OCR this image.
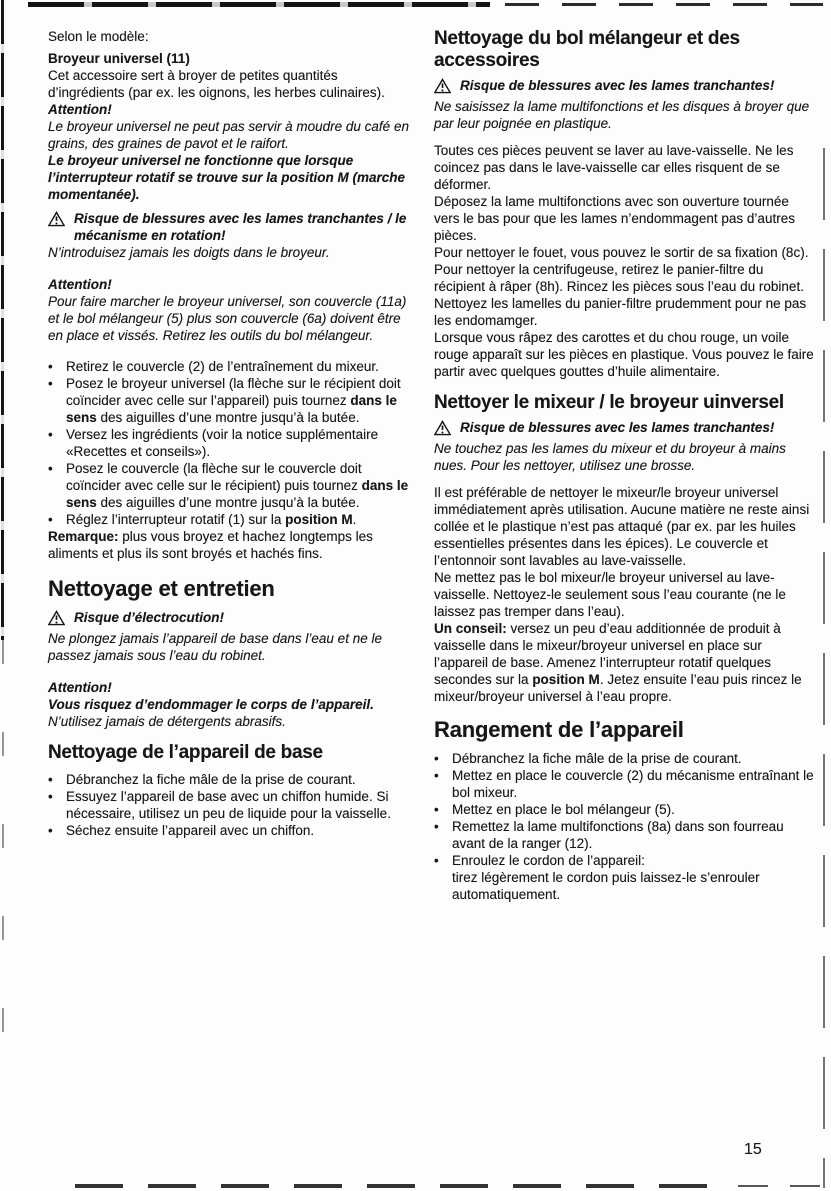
Selon le modèle:
Broyeur universel (11)
Cet accessoire sert à broyer de petites quantités d’ingrédients (par ex. les oignons, les herbes culinaires).
Attention!
Le broyeur universel ne peut pas servir à moudre du café en grains, des graines de pavot et le raifort.
Le broyeur universel ne fonctionne que lorsque l’interrupteur rotatif se trouve sur la position M (marche momentanée).
Risque de blessures avec les lames tranchantes / le mécanisme en rotation!
N’introduisez jamais les doigts dans le broyeur.
Attention!
Pour faire marcher le broyeur universel, son couvercle (11a) et le bol mélangeur (5) plus son couvercle (6a) doivent être en place et vissés. Retirez les outils du bol mélangeur.
• Retirez le couvercle (2) de l’entraînement du mixeur.
• Posez le broyeur universel (la flèche sur le récipient doit coïncider avec celle sur l’appareil) puis tournez dans le sens des aiguilles d’une montre jusqu’à la butée.
• Versez les ingrédients (voir la notice supplémentaire «Recettes et conseils»).
• Posez le couvercle (la flèche sur le couvercle doit coïncider avec celle sur le récipient) puis tournez dans le sens des aiguilles d’une montre jusqu’à la butée.
• Réglez l’interrupteur rotatif (1) sur la position M.
Remarque: plus vous broyez et hachez longtemps les aliments et plus ils sont broyés et hachés fins.
Nettoyage et entretien
Risque d’électrocution!
Ne plongez jamais l’appareil de base dans l’eau et ne le passez jamais sous l’eau du robinet.
Attention!
Vous risquez d’endommager le corps de l’appareil.
N’utilisez jamais de détergents abrasifs.
Nettoyage de l’appareil de base
• Débranchez la fiche mâle de la prise de courant.
• Essuyez l’appareil de base avec un chiffon humide. Si nécessaire, utilisez un peu de liquide pour la vaisselle.
• Séchez ensuite l’appareil avec un chiffon.
Nettoyage du bol mélangeur et des accessoires
Risque de blessures avec les lames tranchantes!
Ne saisissez la lame multifonctions et les disques à broyer que par leur poignée en plastique.
Toutes ces pièces peuvent se laver au lave-vaisselle. Ne les coincez pas dans le lave-vaisselle car elles risquent de se déformer.
Déposez la lame multifonctions avec son ouverture tournée vers le bas pour que les lames n’endommagent pas d’autres pièces.
Pour nettoyer le fouet, vous pouvez le sortir de sa fixation (8c).
Pour nettoyer la centrifugeuse, retirez le panier-filtre du récipient à râper (8h). Rincez les pièces sous l’eau du robinet. Nettoyez les lamelles du panier-filtre prudemment pour ne pas les endomamger.
Lorsque vous râpez des carottes et du chou rouge, un voile rouge apparaît sur les pièces en plastique. Vous pouvez le faire partir avec quelques gouttes d’huile alimentaire.
Nettoyer le mixeur / le broyeur uinversel
Risque de blessures avec les lames tranchantes!
Ne touchez pas les lames du mixeur et du broyeur à mains nues. Pour les nettoyer, utilisez une brosse.
Il est préférable de nettoyer le mixeur/le broyeur universel immédiatement après utilisation. Aucune matière ne reste ainsi collée et le plastique n’est pas attaqué (par ex. par les huiles essentielles présentes dans les épices). Le couvercle et l’entonnoir sont lavables au lave-vaisselle.
Ne mettez pas le bol mixeur/le broyeur universel au lave-vaisselle. Nettoyez-le seulement sous l’eau courante (ne le laissez pas tremper dans l’eau).
Un conseil: versez un peu d’eau additionnée de produit à vaisselle dans le mixeur/broyeur universel en place sur l’appareil de base. Amenez l’interrupteur rotatif quelques secondes sur la position M. Jetez ensuite l’eau puis rincez le mixeur/broyeur universel à l’eau propre.
Rangement de l’appareil
• Débranchez la fiche mâle de la prise de courant.
• Mettez en place le couvercle (2) du mécanisme entraînant le bol mixeur.
• Mettez en place le bol mélangeur (5).
• Remettez la lame multifonctions (8a) dans son fourreau avant de la ranger (12).
• Enroulez le cordon de l’appareil:
tirez légèrement le cordon puis laissez-le s’enrouler automatiquement.
15
